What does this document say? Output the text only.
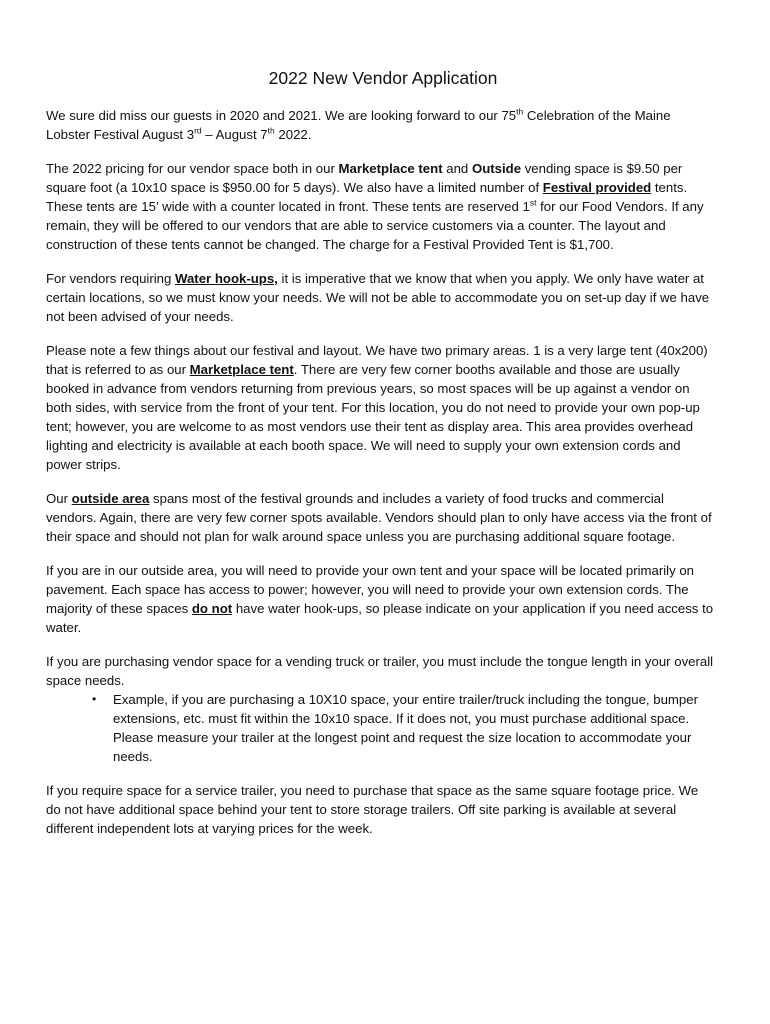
2022 New Vendor Application

We sure did miss our guests in 2020 and 2021. We are looking forward to our 75th Celebration of the Maine Lobster Festival August 3rd – August 7th 2022.

The 2022 pricing for our vendor space both in our Marketplace tent and Outside vending space is $9.50 per square foot (a 10x10 space is $950.00 for 5 days). We also have a limited number of Festival provided tents. These tents are 15’ wide with a counter located in front. These tents are reserved 1st for our Food Vendors. If any remain, they will be offered to our vendors that are able to service customers via a counter. The layout and construction of these tents cannot be changed. The charge for a Festival Provided Tent is $1,700.

For vendors requiring Water hook-ups, it is imperative that we know that when you apply. We only have water at certain locations, so we must know your needs. We will not be able to accommodate you on set-up day if we have not been advised of your needs.

Please note a few things about our festival and layout. We have two primary areas. 1 is a very large tent (40x200) that is referred to as our Marketplace tent. There are very few corner booths available and those are usually booked in advance from vendors returning from previous years, so most spaces will be up against a vendor on both sides, with service from the front of your tent. For this location, you do not need to provide your own pop-up tent; however, you are welcome to as most vendors use their tent as display area. This area provides overhead lighting and electricity is available at each booth space. We will need to supply your own extension cords and power strips.

Our outside area spans most of the festival grounds and includes a variety of food trucks and commercial vendors. Again, there are very few corner spots available. Vendors should plan to only have access via the front of their space and should not plan for walk around space unless you are purchasing additional square footage.

If you are in our outside area, you will need to provide your own tent and your space will be located primarily on pavement. Each space has access to power; however, you will need to provide your own extension cords. The majority of these spaces do not have water hook-ups, so please indicate on your application if you need access to water.

If you are purchasing vendor space for a vending truck or trailer, you must include the tongue length in your overall space needs.

• Example, if you are purchasing a 10X10 space, your entire trailer/truck including the tongue, bumper extensions, etc. must fit within the 10x10 space. If it does not, you must purchase additional space. Please measure your trailer at the longest point and request the size location to accommodate your needs.

If you require space for a service trailer, you need to purchase that space as the same square footage price. We do not have additional space behind your tent to store storage trailers. Off site parking is available at several different independent lots at varying prices for the week.
